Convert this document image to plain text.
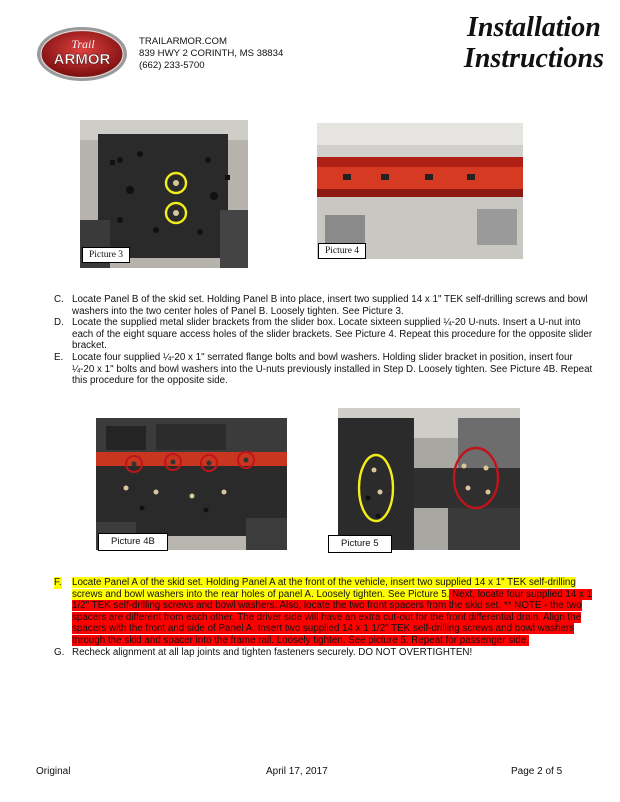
Trail
ARMOR
TRAILARMOR.COM
839 HWY 2 CORINTH, MS 38834
(662) 233-5700
Installation
Instructions
Picture 3	Picture 4

C. Locate Panel B of the skid set. Holding Panel B into place, insert two supplied 14 x 1" TEK self-drilling screws and bowl washers into the two center holes of Panel B. Loosely tighten. See Picture 3.

D. Locate the supplied metal slider brackets from the slider box. Locate sixteen supplied ¼-20 U-nuts. Insert a U-nut into each of the eight square access holes of the slider brackets. See Picture 4. Repeat this procedure for the opposite slider bracket.

E. Locate four supplied ¼-20 x 1" serrated flange bolts and bowl washers. Holding slider bracket in position, insert four ¼-20 x 1" bolts and bowl washers into the U-nuts previously installed in Step D. Loosely tighten. See Picture 4B. Repeat this procedure for the opposite side.

Picture 4B	Picture 5

F. Locate Panel A of the skid set. Holding Panel A at the front of the vehicle, insert two supplied 14 x 1" TEK self-drilling screws and bowl washers into the rear holes of panel A. Loosely tighten. See Picture 5. Next, locate four supplied 14 x 1 1/2" TEK self-drilling screws and bowl washers. Also, locate the two front spacers from the skid set. ** NOTE - the two spacers are different from each other. The driver side will have an extra cut-out for the front differential drain. Align the spacers with the front and side of Panel A. Insert two supplied 14 x 1 1/2" TEK self-drilling screws and bowl washers through the skid and spacer into the frame rail. Loosely tighten. See picture 5. Repeat for passenger side.

G. Recheck alignment at all lap joints and tighten fasteners securely. DO NOT OVERTIGHTEN!

Original	April 17, 2017	Page 2 of 5
